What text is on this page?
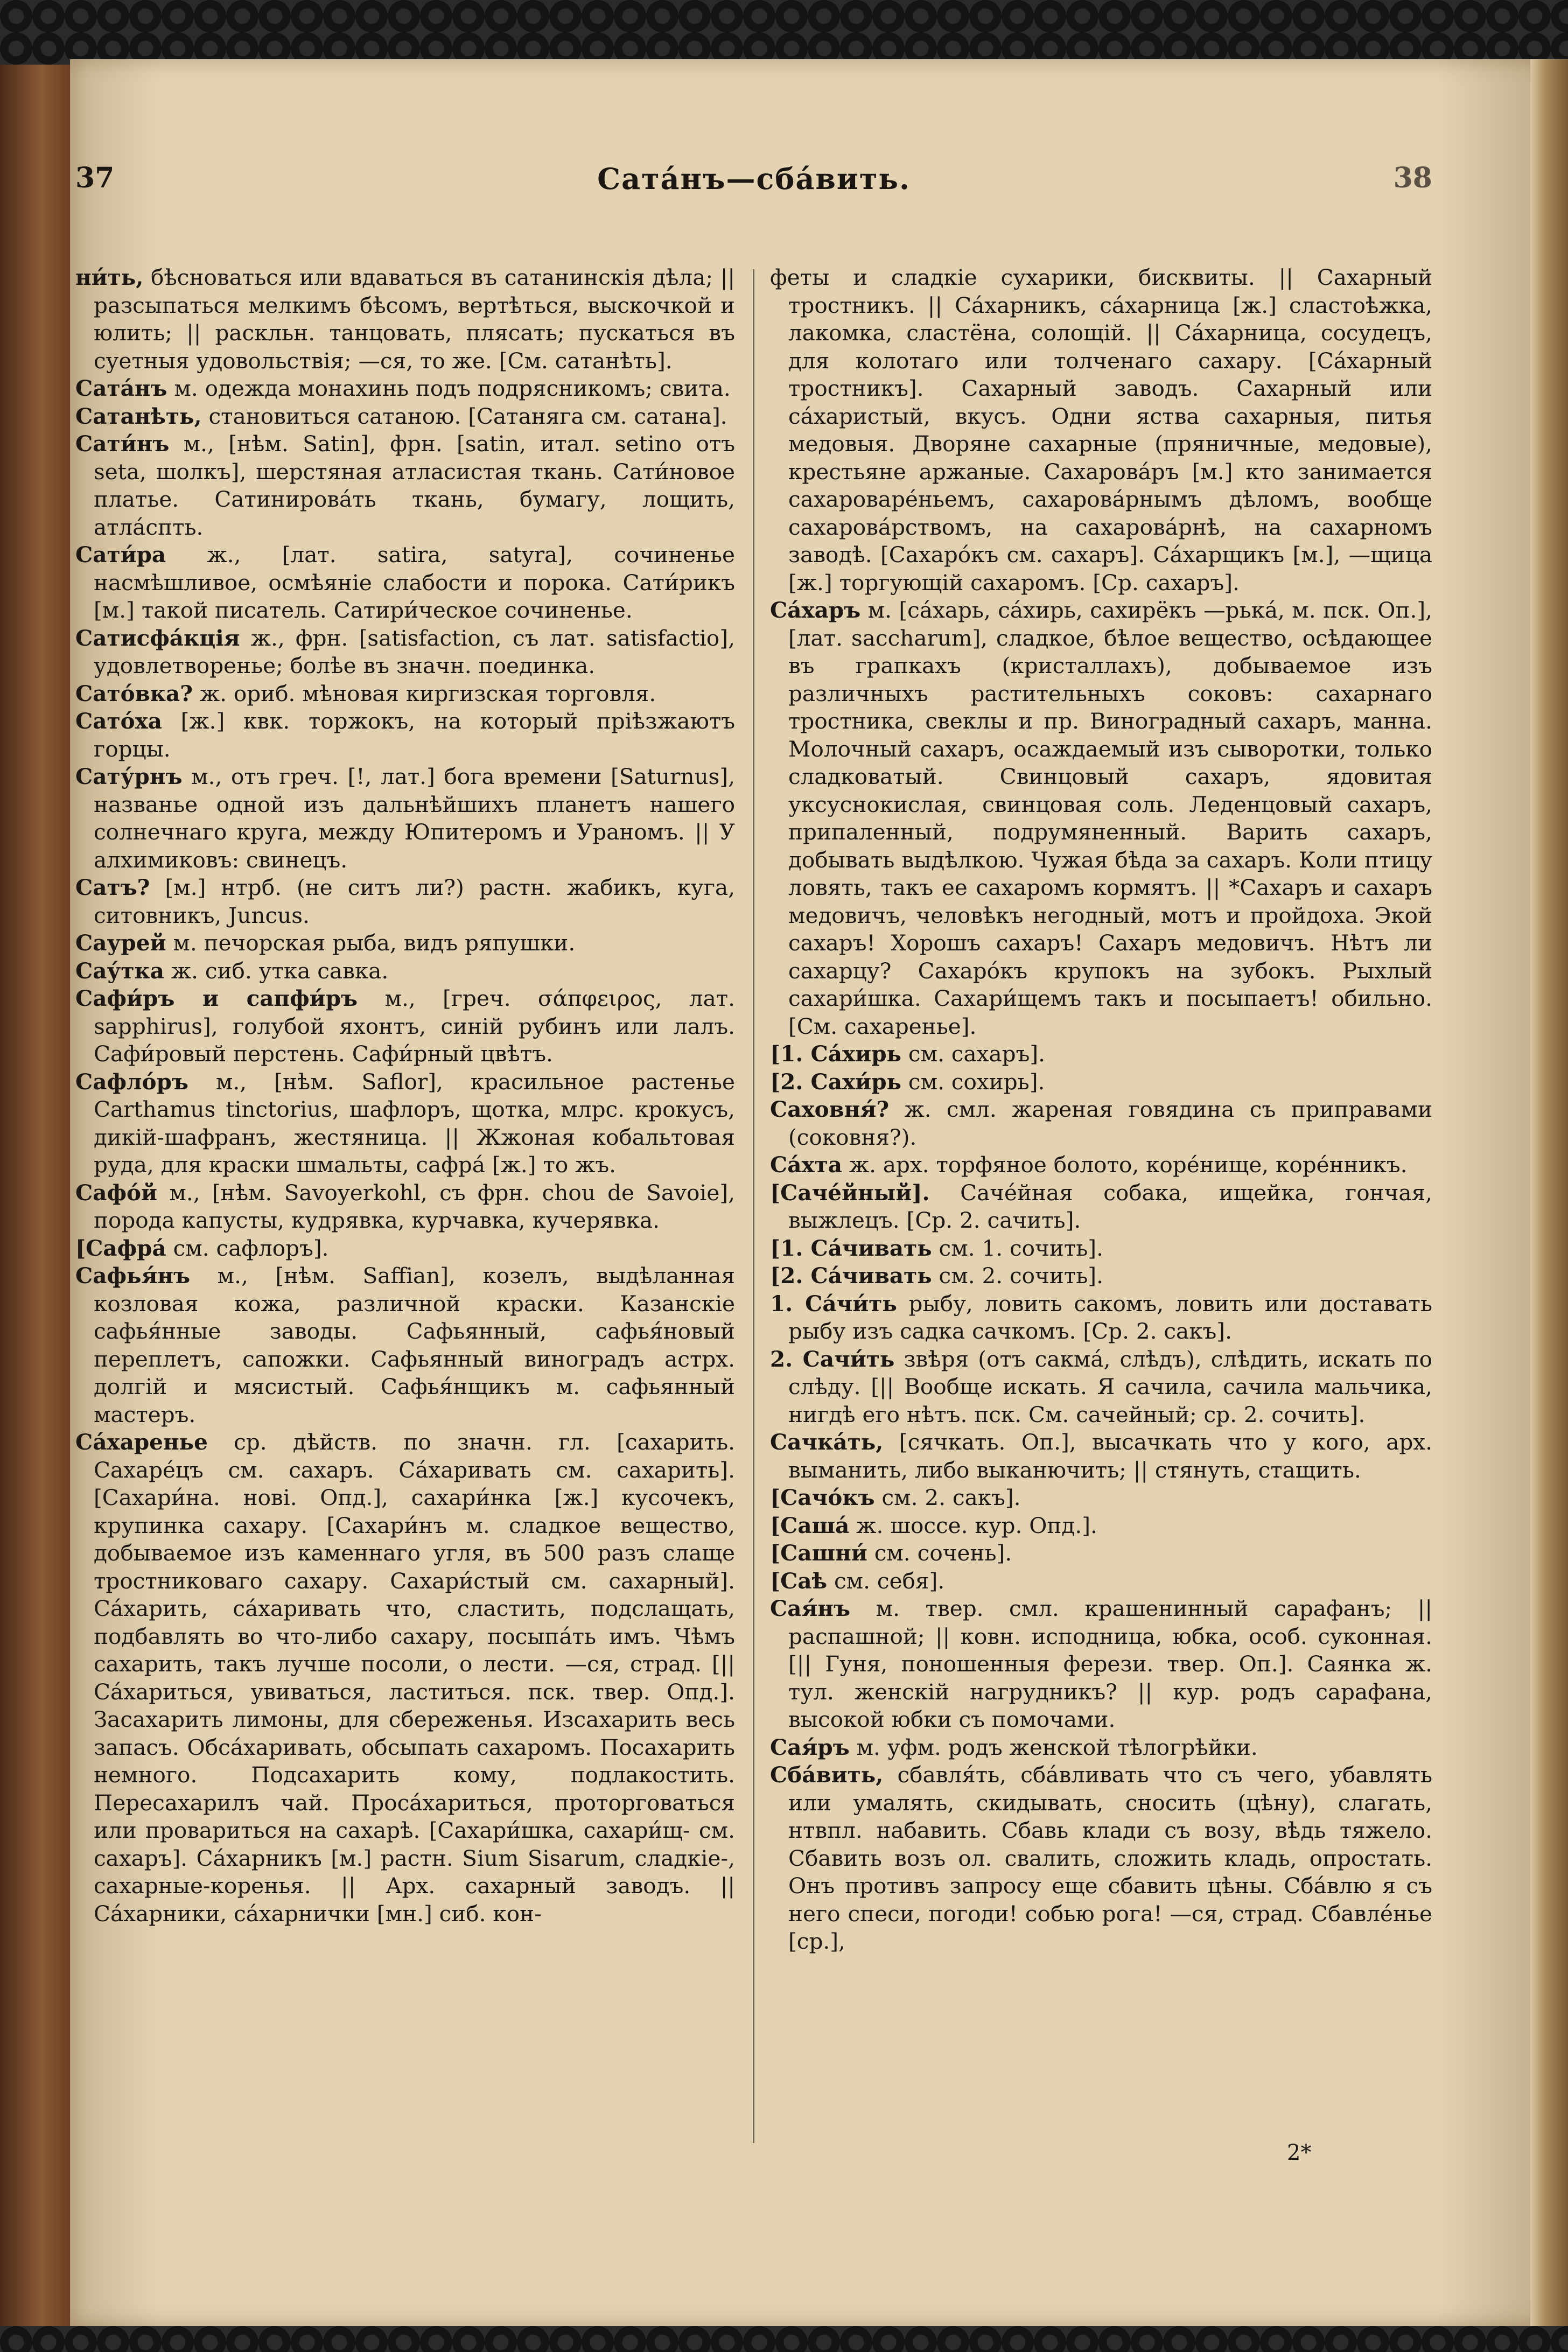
37	Сата́нъ—сба́вить.	38
ни́ть, бѣсноваться или вдаваться въ сатанинскія дѣла; || разсыпаться мелкимъ бѣсомъ, вертѣться, выскочкой и юлить; || раскльн. танцовать, плясать; пускаться въ суетныя удовольствія; —ся, то же. [См. сатанѣть].
Сата́нъ м. одежда монахинь подъ подрясникомъ; свита.
Сатанѣть, становиться сатаною. [Сатаняга см. сатана].
Сати́нъ м., [нѣм. Satin], фрн. [satin, итал. setino отъ seta, шолкъ], шерстяная атласистая ткань. Сати́новое платье. Сатинирова́ть ткань, бумагу, лощить, атла́спть.
Сати́ра ж., [лат. satira, satyra], сочиненье насмѣшливое, осмѣяніе слабости и порока. Сати́рикъ [м.] такой писатель. Сатири́ческое сочиненье.
Сатисфа́кція ж., фрн. [satisfaction, съ лат. satisfactio], удовлетворенье; болѣе въ значн. поединка.
Сато́вка? ж. ориб. мѣновая киргизская торговля.
Сато́ха [ж.] квк. торжокъ, на который пріѣзжаютъ горцы.
Сату́рнъ м., отъ греч. [!, лат.] бога времени [Saturnus], названье одной изъ дальнѣйшихъ планетъ нашего солнечнаго круга, между Юпитеромъ и Ураномъ. || У алхимиковъ: свинецъ.
Сатъ? [м.] нтрб. (не ситъ ли?) растн. жабикъ, куга, ситовникъ, Juncus.
Саурей м. печорская рыба, видъ ряпушки.
Сау́тка ж. сиб. утка савка.
Сафи́ръ и сапфи́ръ м., [греч. σάπφειρος, лат. sapphirus], голубой яхонтъ, синій рубинъ или лалъ. Сафи́ровый перстень. Сафи́рный цвѣтъ.
Сафло́ръ м., [нѣм. Saflor], красильное растенье Carthamus tinctorius, шафлоръ, щотка, млрс. крокусъ, дикій-шафранъ, жестяница. || Жжоная кобальтовая руда, для краски шмальты, сафра́ [ж.] то жъ.
Сафо́й м., [нѣм. Savoyerkohl, съ фрн. chou de Savoie], порода капусты, кудрявка, курчавка, кучерявка.
[Сафра́ см. сафлоръ].
Сафья́нъ м., [нѣм. Saffian], козелъ, выдѣланная козловая кожа, различной краски. Казанскіе сафья́нные заводы. Сафьянный, сафья́новый переплетъ, сапожки. Сафьянный виноградъ астрх. долгій и мясистый. Сафья́нщикъ м. сафьянный мастеръ.
Са́харенье ср. дѣйств. по значн. гл. [сахарить. Сахаре́цъ см. сахаръ. Са́харивать см. сахарить]. [Сахари́на. нові. Опд.], сахари́нка [ж.] кусочекъ, крупинка сахару. [Сахари́нъ м. сладкое вещество, добываемое изъ каменнаго угля, въ 500 разъ слаще тростниковаго сахару. Сахари́стый см. сахарный]. Са́харить, са́харивать что, сластить, подслащать, подбавлять во что-либо сахару, посыпа́ть имъ. Чѣмъ сахарить, такъ лучше посоли, о лести. —ся, страд. [|| Са́хариться, увиваться, ластиться. пск. твер. Опд.]. Засахарить лимоны, для сбереженья. Изсахарить весь запасъ. Обса́харивать, обсыпать сахаромъ. Посахарить немного. Подсахарить кому, подлакостить. Пересахарилъ чай. Проса́хариться, проторговаться или провариться на сахарѣ. [Сахари́шка, сахари́щ- см. сахаръ]. Са́харникъ [м.] растн. Sium Sisarum, сладкіе-, сахарные-коренья. || Арх. сахарный заводъ. || Са́харники, са́харнички [мн.] сиб. кон-
феты и сладкіе сухарики, бисквиты. || Сахарный тростникъ. || Са́харникъ, са́харница [ж.] сластоѣжка, лакомка, сластёна, солощій. || Са́харница, сосудецъ, для колотаго или толченаго сахару. [Са́харный тростникъ]. Сахарный заводъ. Сахарный или са́харистый, вкусъ. Одни яства сахарныя, питья медовыя. Дворяне сахарные (пряничные, медовые), крестьяне аржаные. Сахарова́ръ [м.] кто занимается сахароваре́ньемъ, сахарова́рнымъ дѣломъ, вообще сахарова́рствомъ, на сахарова́рнѣ, на сахарномъ заводѣ. [Сахаро́къ см. сахаръ]. Са́харщикъ [м.], —щица [ж.] торгующій сахаромъ. [Ср. сахаръ].
Са́харъ м. [са́харь, са́хирь, сахирёкъ —рька́, м. пск. Оп.], [лат. saccharum], сладкое, бѣлое вещество, осѣдающее въ грапкахъ (кристаллахъ), добываемое изъ различныхъ растительныхъ соковъ: сахарнаго тростника, свеклы и пр. Виноградный сахаръ, манна. Молочный сахаръ, осаждаемый изъ сыворотки, только сладковатый. Свинцовый сахаръ, ядовитая уксуснокислая, свинцовая соль. Леденцовый сахаръ, припаленный, подрумяненный. Варить сахаръ, добывать выдѣлкою. Чужая бѣда за сахаръ. Коли птицу ловять, такъ ее сахаромъ кормятъ. || *Сахаръ и сахаръ медовичъ, человѣкъ негодный, мотъ и пройдоха. Экой сахаръ! Хорошъ сахаръ! Сахаръ медовичъ. Нѣтъ ли сахарцу? Сахаро́къ крупокъ на зубокъ. Рыхлый сахари́шка. Сахари́щемъ такъ и посыпаетъ! обильно. [См. сахаренье].
[1. Са́хирь см. сахаръ].
[2. Сахи́рь см. сохирь].
Саховня́? ж. смл. жареная говядина съ приправами (соковня?).
Са́хта ж. арх. торфяное болото, корéнище, корéнникъ.
[Саче́йный]. Саче́йная собака, ищейка, гончая, выжлецъ. [Ср. 2. сачить].
[1. Са́чивать см. 1. сочить].
[2. Са́чивать см. 2. сочить].
1. Са́чи́ть рыбу, ловить сакомъ, ловить или доставать рыбу изъ садка сачкомъ. [Ср. 2. сакъ].
2. Сачи́ть звѣря (отъ сакма́, слѣдъ), слѣдить, искать по слѣду. [|| Вообще искать. Я сачила, сачила мальчика, нигдѣ его нѣтъ. пск. См. сачейный; ср. 2. сочить].
Сачка́ть, [сячкать. Оп.], высачкать что у кого, арх. выманить, либо выканючить; || стянуть, стащить.
[Сачо́къ см. 2. сакъ].
[Саша́ ж. шоссе. кур. Опд.].
[Сашни́ см. сочень].
[Саѣ см. себя].
Сая́нъ м. твер. смл. крашенинный сарафанъ; || распашной; || ковн. исподница, юбка, особ. суконная. [|| Гуня, поношенныя ферези. твер. Оп.]. Саянка ж. тул. женскій нагрудникъ? || кур. родъ сарафана, высокой юбки съ помочами.
Сая́ръ м. уфм. родъ женской тѣлогрѣйки.
Сба́вить, сбавля́ть, сба́вливать что съ чего, убавлять или умалять, скидывать, сносить (цѣну), слагать, нтвпл. набавить. Сбавь клади съ возу, вѣдь тяжело. Сбавить возъ ол. свалить, сложить кладь, опростать. Онъ противъ запросу еще сбавить цѣны. Сба́влю я съ него спеси, погоди! собью рога! —ся, страд. Сбавле́нье [ср.],
2*
